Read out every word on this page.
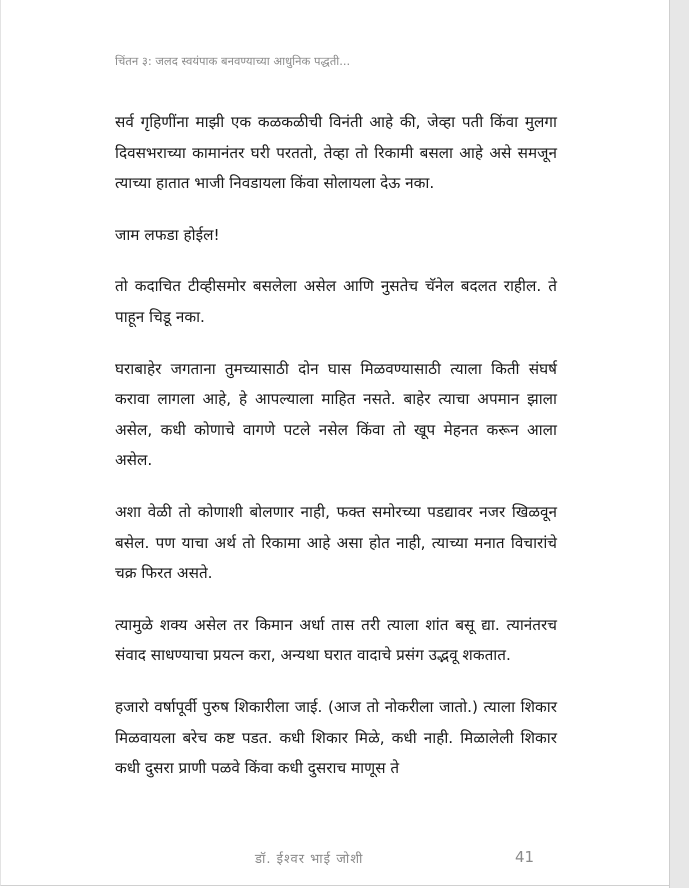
चिंतन ३: जलद स्वयंपाक बनवण्याच्या आधुनिक पद्धती...

सर्व गृहिणींना माझी एक कळकळीची विनंती आहे की, जेव्हा पती किंवा मुलगा दिवसभराच्या कामानंतर घरी परततो, तेव्हा तो रिकामी बसला आहे असे समजून त्याच्या हातात भाजी निवडायला किंवा सोलायला देऊ नका.

जाम लफडा होईल!

तो कदाचित टीव्हीसमोर बसलेला असेल आणि नुसतेच चॅनेल बदलत राहील. ते पाहून चिडू नका.

घराबाहेर जगताना तुमच्यासाठी दोन घास मिळवण्यासाठी त्याला किती संघर्ष करावा लागला आहे, हे आपल्याला माहित नसते. बाहेर त्याचा अपमान झाला असेल, कधी कोणाचे वागणे पटले नसेल किंवा तो खूप मेहनत करून आला असेल.

अशा वेळी तो कोणाशी बोलणार नाही, फक्त समोरच्या पडद्यावर नजर खिळवून बसेल. पण याचा अर्थ तो रिकामा आहे असा होत नाही, त्याच्या मनात विचारांचे चक्र फिरत असते.

त्यामुळे शक्य असेल तर किमान अर्धा तास तरी त्याला शांत बसू द्या. त्यानंतरच संवाद साधण्याचा प्रयत्न करा, अन्यथा घरात वादाचे प्रसंग उद्भवू शकतात.

हजारो वर्षापूर्वी पुरुष शिकारीला जाई. (आज तो नोकरीला जातो.) त्याला शिकार मिळवायला बरेच कष्ट पडत. कधी शिकार मिळे, कधी नाही. मिळालेली शिकार कधी दुसरा प्राणी पळवे किंवा कधी दुसराच माणूस ते

डॉ. ईश्वर भाई जोशी	41
